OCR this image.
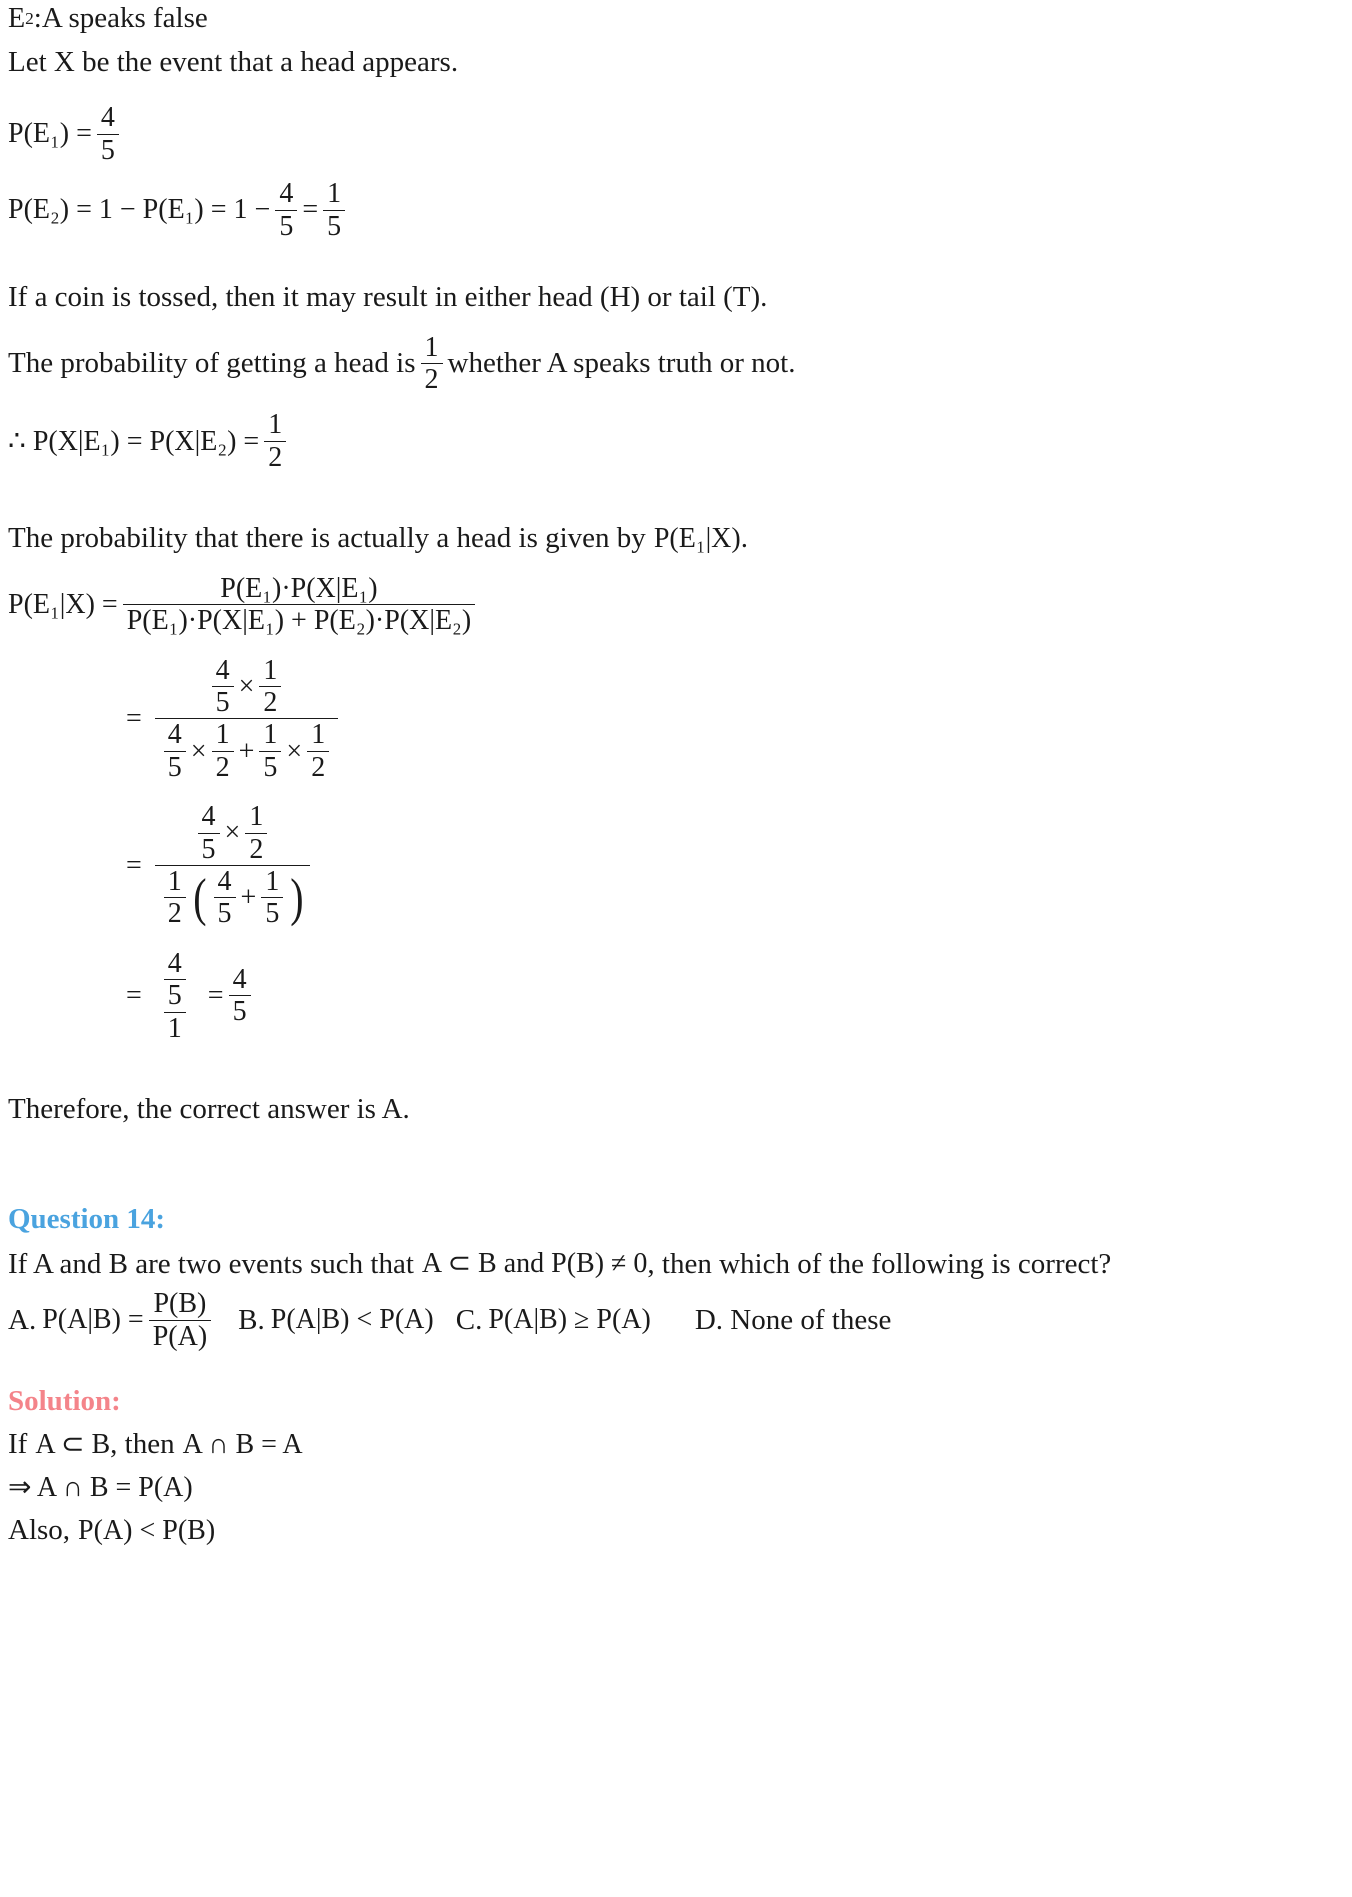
E 2 :A speaks false
Let X be the event that a head appears.
$P(E_1) = \frac{4}{5}$
$P(E_2) = 1 - P(E_1) = 1 - \frac{4}{5} = \frac{1}{5}$
If a coin is tossed, then it may result in either head (H) or tail (T).
The probability of getting a head is $\frac{1}{2}$ whether A speaks truth or not.
∴ $P(X|E_1) = P(X|E_2) = \frac{1}{2}$
The probability that there is actually a head is given by P(E₁|X) .
$P(E_1|X) = \frac{\text{P(E₁)·P(X|E₁)}}{\text{P(E₁)·P(X|E₁) + P(E₂)·P(X|E₂)}}$
=
$\frac{4}{5} \times \frac{1}{2}$
$\frac{4}{5} \times \frac{1}{2} + \frac{1}{5} \times \frac{1}{2}$
=
$\frac{4}{5} \times \frac{1}{2}$
$\frac{1}{2}$ ( $\frac{4}{5} + \frac{1}{5}$ )
= $\frac{\frac{4}{5}}{1} = \frac{4}{5}$
Therefore, the correct answer is A.
Question 14:
If A and B are two events such that A ⊂ B and P(B) ≠ 0 , then which of the following is correct?
A. $P(A|B) = \frac{P(B)}{P(A)} B$. P(A|B) < P(A) C. P(A|B) ≥ P(A) D. None of these
Solution:
If A ⊂ B , then A ∩ B = A
⇒ A ∩ B = P(A)
Also, P(A) < P(B)
